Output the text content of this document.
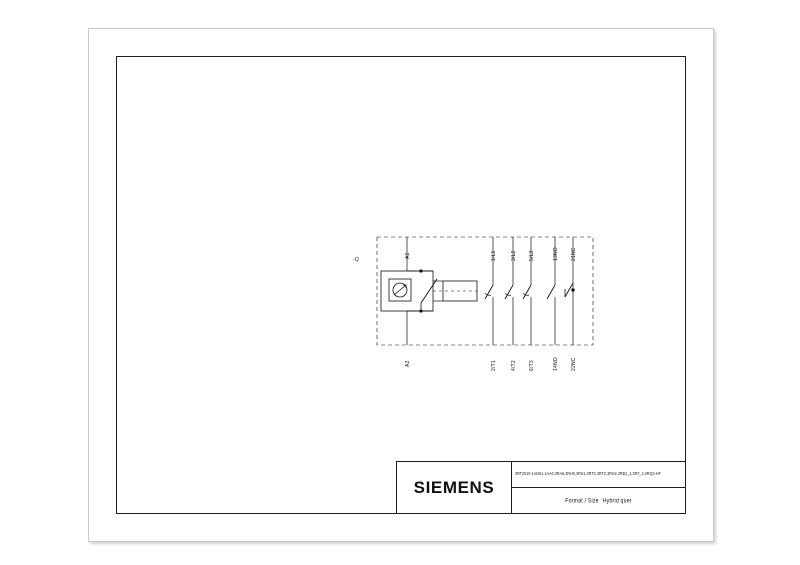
-Q
A1
A2
1/L1	3/L2 5/L3	13NO 21NC
2/T1	4/T2 6/T3	14NO 22NC
SIEMENS
3RT2015-1AN61-1AA0,3RA6,3RH0,3RH1,3RT0,3RT2,3RH2,3RB1_1,3RT_4,3RQ3-HF
Format / Size Hybrid quer
